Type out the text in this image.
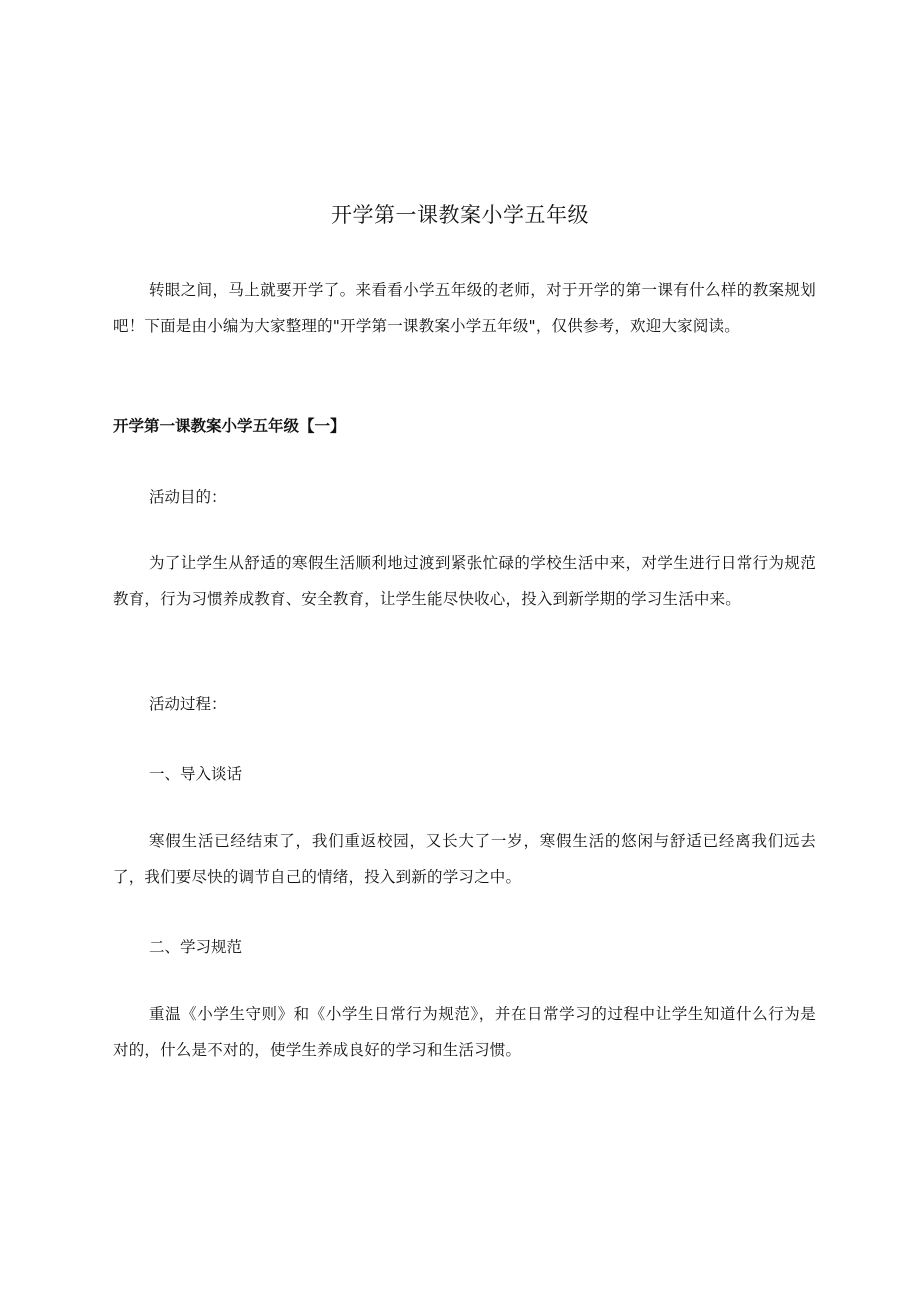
开学第一课教案小学五年级
转眼之间，马上就要开学了。来看看小学五年级的老师，对于开学的第一课有什么样的教案规划吧！下面是由小编为大家整理的"开学第一课教案小学五年级"，仅供参考，欢迎大家阅读。
开学第一课教案小学五年级【一】
活动目的：
为了让学生从舒适的寒假生活顺利地过渡到紧张忙碌的学校生活中来，对学生进行日常行为规范教育，行为习惯养成教育、安全教育，让学生能尽快收心，投入到新学期的学习生活中来。
活动过程：
一、导入谈话
寒假生活已经结束了，我们重返校园，又长大了一岁，寒假生活的悠闲与舒适已经离我们远去了，我们要尽快的调节自己的情绪，投入到新的学习之中。
二、学习规范
重温《小学生守则》和《小学生日常行为规范》，并在日常学习的过程中让学生知道什么行为是对的，什么是不对的，使学生养成良好的学习和生活习惯。
